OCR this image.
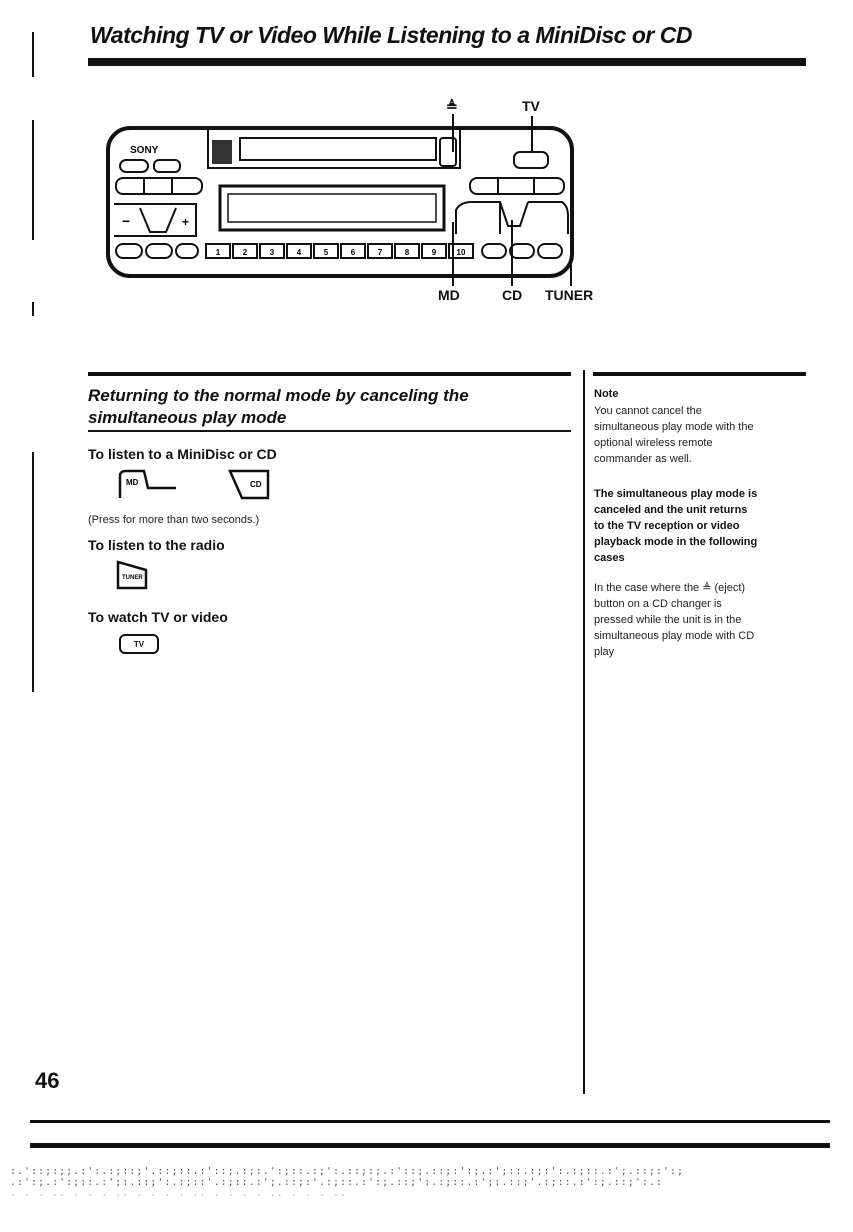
Watching TV or Video While Listening to a MiniDisc or CD
≜	TV
MD	CD TUNER
SONY
−	+
1	2	3	4	5	6	7	8	9	10
Returning to the normal mode by canceling the
simultaneous play mode
To listen to a MiniDisc or CD
MD	CD
(Press for more than two seconds.)
To listen to the radio
TUNER
To watch TV or video
TV
Note
You cannot cancel the
simultaneous play mode with the
optional wireless remote
commander as well.
The simultaneous play mode is
canceled and the unit returns
to the TV reception or video
playback mode in the following
cases
In the case where the ≜ (eject)
button on a CD changer is
pressed while the unit is in the
simultaneous play mode with CD
play
46
:.'::;:;;.:':.:;::;'.::;::.:'::;.:;:.':;::.:;':.::;:;.:'::;.::;:':;.:';::.:;:':.:;::.:';.::;:':;
.:':;.:':;::.:';:.::;':.:;::'.:;::.:';.::;:'.:;::.:':;.::;':.:;::.:';:.::;'.:;::.:':;.::;':.:
. . . .. . . . .. . . . . .. . . . . .. . . . ..
